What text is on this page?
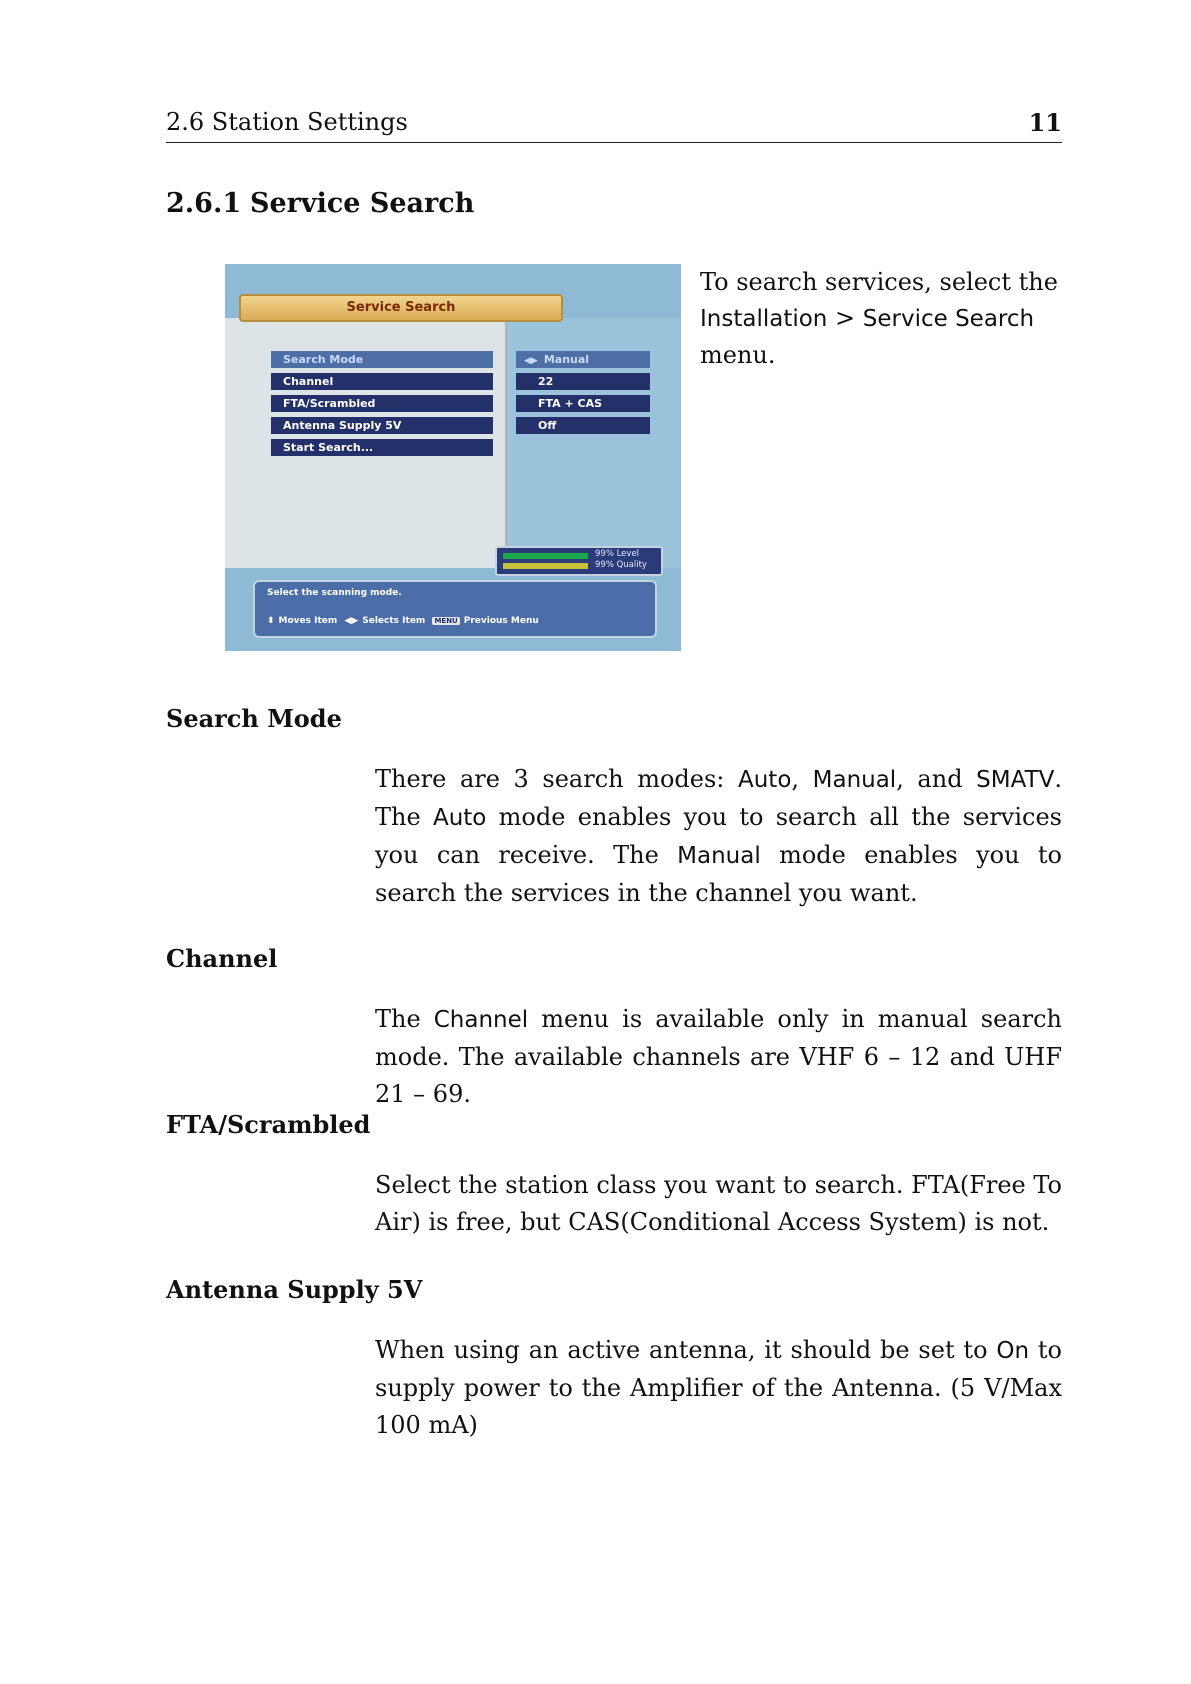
2.6 Station Settings	11
2.6.1 Service Search
Service Search
Search Mode
Channel
FTA/Scrambled
Antenna Supply 5V
Start Search...
◀▶ Manual
22
FTA + CAS
Off
99% Level
99% Quality
Select the scanning mode.
⬍ Moves Item ◀▶ Selects Item MENU Previous Menu
To search services, select the Installation > Service Search menu.
Search Mode
There are 3 search modes: Auto, Manual, and SMATV. The Auto mode enables you to search all the services you can receive. The Manual mode enables you to search the services in the channel you want.
Channel
The Channel menu is available only in manual search mode. The available channels are VHF 6 – 12 and UHF 21 – 69.
FTA/Scrambled
Select the station class you want to search. FTA(Free To Air) is free, but CAS(Conditional Access System) is not.
Antenna Supply 5V
When using an active antenna, it should be set to On to supply power to the Amplifier of the Antenna. (5 V/Max 100 mA)
